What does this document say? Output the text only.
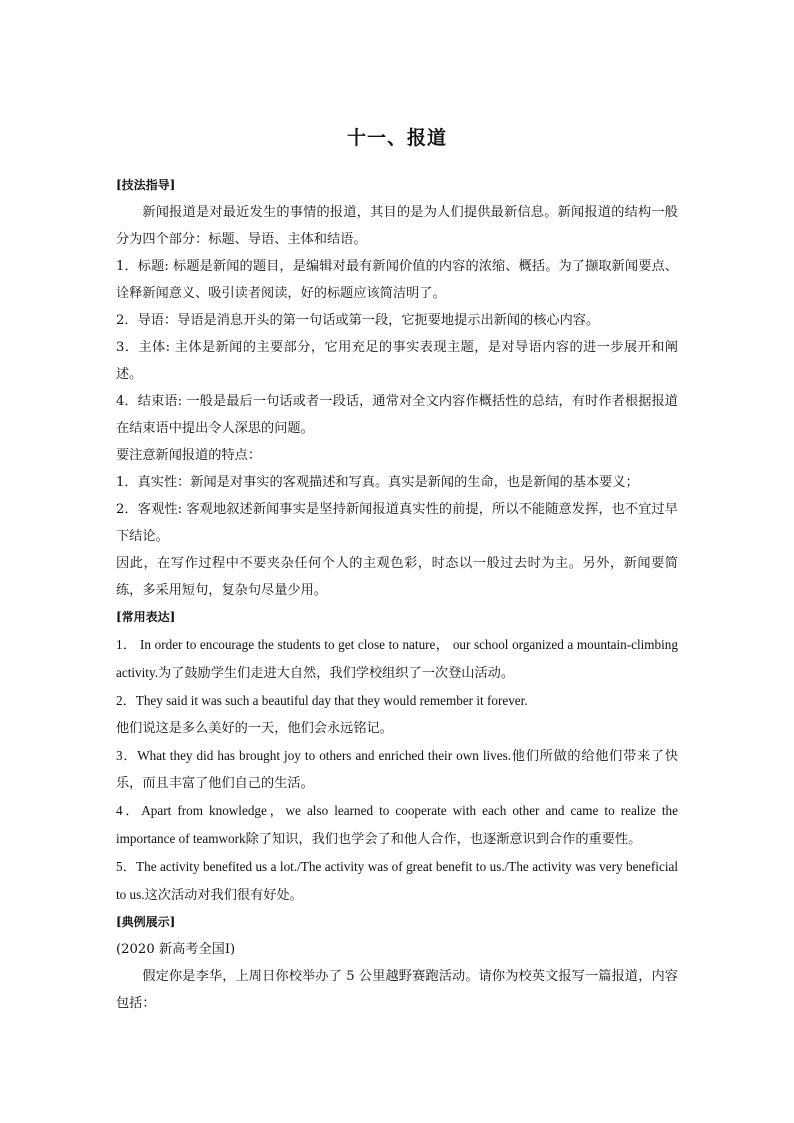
十一、报道
[技法指导]

新闻报道是对最近发生的事情的报道，其目的是为人们提供最新信息。新闻报道的结构一般分为四个部分：标题、导语、主体和结语。

1．标题: 标题是新闻的题目，是编辑对最有新闻价值的内容的浓缩、概括。为了撷取新闻要点、诠释新闻意义、吸引读者阅读，好的标题应该简洁明了。

2．导语：导语是消息开头的第一句话或第一段，它扼要地提示出新闻的核心内容。

3．主体: 主体是新闻的主要部分，它用充足的事实表现主题，是对导语内容的进一步展开和阐述。

4．结束语: 一般是最后一句话或者一段话，通常对全文内容作概括性的总结，有时作者根据报道在结束语中提出令人深思的问题。

要注意新闻报道的特点：

1．真实性：新闻是对事实的客观描述和写真。真实是新闻的生命，也是新闻的基本要义；

2．客观性: 客观地叙述新闻事实是坚持新闻报道真实性的前提，所以不能随意发挥，也不宜过早下结论。

因此，在写作过程中不要夹杂任何个人的主观色彩，时态以一般过去时为主。另外，新闻要简练，多采用短句，复杂句尽量少用。

[常用表达]

1． In order to encourage the students to get close to nature， our school organized a mountain-climbing activity.为了鼓励学生们走进大自然，我们学校组织了一次登山活动。

2．They said it was such a beautiful day that they would remember it forever.
他们说这是多么美好的一天，他们会永远铭记。

3．What they did has brought joy to others and enriched their own lives.他们所做的给他们带来了快乐，而且丰富了他们自己的生活。

4．Apart from knowledge，we also learned to cooperate with each other and came to realize the importance of teamwork除了知识，我们也学会了和他人合作，也逐渐意识到合作的重要性。

5．The activity benefited us a lot./The activity was of great benefit to us./The activity was very beneficial to us.这次活动对我们很有好处。

[典例展示]

(2020 新高考全国Ⅰ)

假定你是李华，上周日你校举办了 5 公里越野赛跑活动。请你为校英文报写一篇报道，内容包括：
